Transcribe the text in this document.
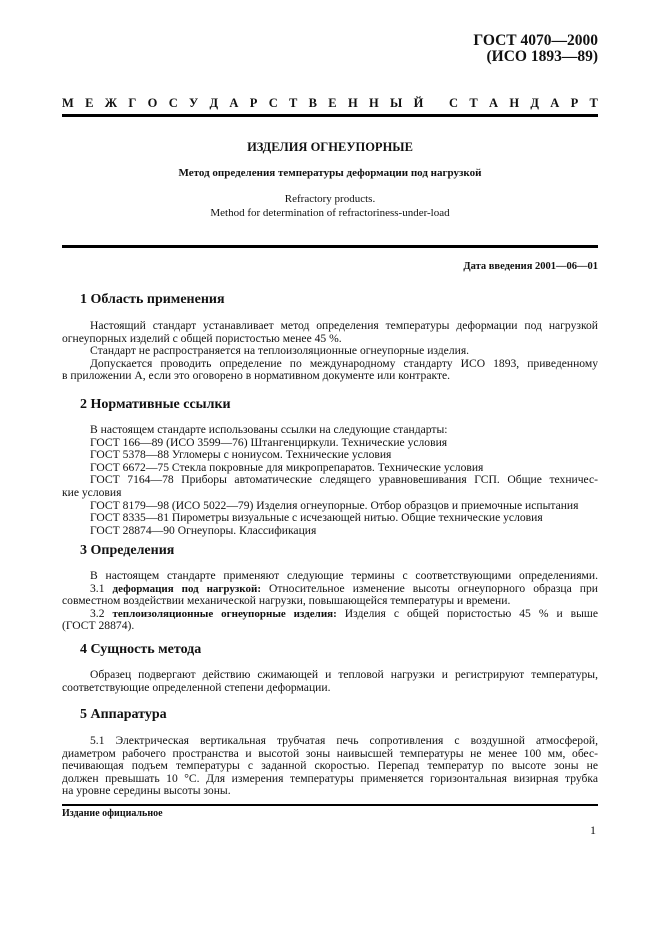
ГОСТ 4070—2000
(ИСО 1893—89)
М Е Ж Г О С У Д А Р С Т В Е Н Н Ы Й
С Т А Н Д А Р Т
ИЗДЕЛИЯ ОГНЕУПОРНЫЕ
Метод определения температуры деформации под нагрузкой
Refractory products.
Method for determination of refractoriness-under-load
Дата введения 2001—06—01
1 Область применения
Настоящий стандарт устанавливает метод определения температуры деформации под нагрузкой
огнеупорных изделий с общей пористостью менее 45 %.
Стандарт не распространяется на теплоизоляционные огнеупорные изделия.
Допускается проводить определение по международному стандарту ИСО 1893, приведенному
в приложении А, если это оговорено в нормативном документе или контракте.
2 Нормативные ссылки
В настоящем стандарте использованы ссылки на следующие стандарты:
ГОСТ 166—89 (ИСО 3599—76) Штангенциркули. Технические условия
ГОСТ 5378—88 Угломеры с нониусом. Технические условия
ГОСТ 6672—75 Стекла покровные для микропрепаратов. Технические условия
ГОСТ 7164—78 Приборы автоматические следящего уравновешивания ГСП. Общие техничес-
кие условия
ГОСТ 8179—98 (ИСО 5022—79) Изделия огнеупорные. Отбор образцов и приемочные испытания
ГОСТ 8335—81 Пирометры визуальные с исчезающей нитью. Общие технические условия
ГОСТ 28874—90 Огнеупоры. Классификация
3 Определения
В настоящем стандарте применяют следующие термины с соответствующими определениями.
3.1 деформация под нагрузкой: Относительное изменение высоты огнеупорного образца при
совместном воздействии механической нагрузки, повышающейся температуры и времени.
3.2 теплоизоляционные огнеупорные изделия: Изделия с общей пористостью 45 % и выше
(ГОСТ 28874).
4 Сущность метода
Образец подвергают действию сжимающей и тепловой нагрузки и регистрируют температуры,
соответствующие определенной степени деформации.
5 Аппаратура
5.1 Электрическая вертикальная трубчатая печь сопротивления с воздушной атмосферой,
диаметром рабочего пространства и высотой зоны наивысшей температуры не менее 100 мм, обес-
печивающая подъем температуры с заданной скоростью. Перепад температур по высоте зоны не
должен превышать 10 °С. Для измерения температуры применяется горизонтальная визирная трубка
на уровне середины высоты зоны.
Издание официальное
1
